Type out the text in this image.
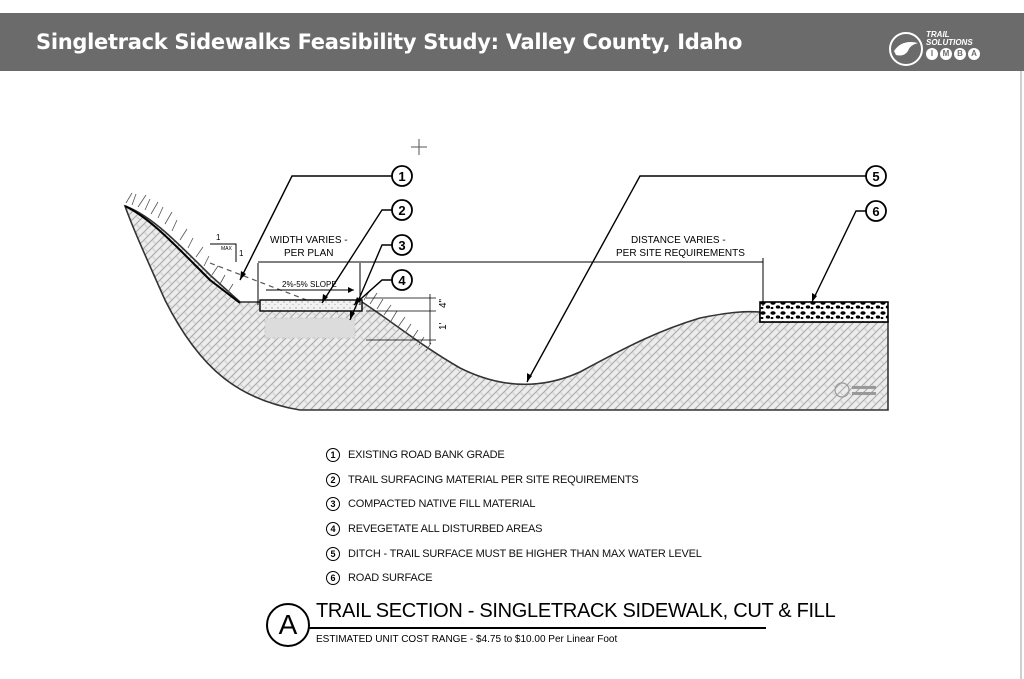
Singletrack Sidewalks Feasibility Study: Valley County, Idaho	TRAIL
SOLUTIONS
I	M B	A
1
MAX 1
WIDTH VARIES -
PER PLAN
2%-5% SLOPE
DISTANCE VARIES -
PER SITE REQUIREMENTS
4"
1'
1
2
3
4
5
6
1	EXISTING ROAD BANK GRADE
2	TRAIL SURFACING MATERIAL PER SITE REQUIREMENTS
3	COMPACTED NATIVE FILL MATERIAL
4	REVEGETATE ALL DISTURBED AREAS
5	DITCH - TRAIL SURFACE MUST BE HIGHER THAN MAX WATER LEVEL
6	ROAD SURFACE
A TRAIL SECTION - SINGLETRACK SIDEWALK, CUT & FILL
ESTIMATED UNIT COST RANGE - $4.75 to $10.00 Per Linear Foot
